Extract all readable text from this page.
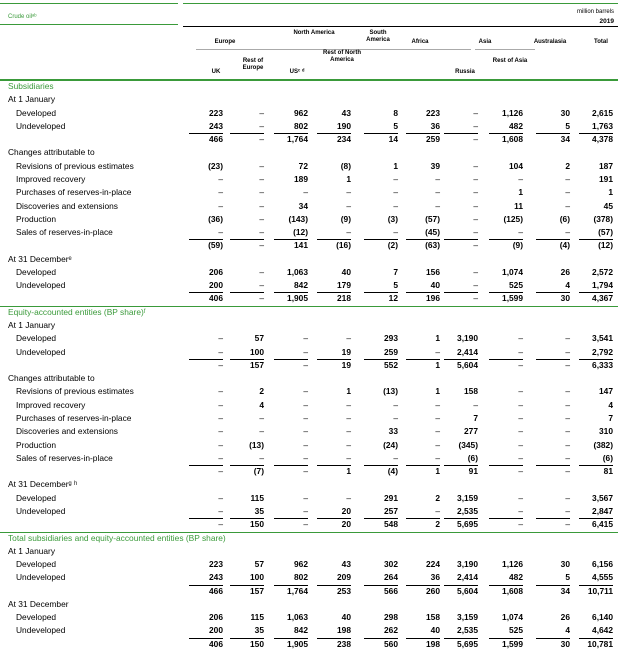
Crude oilᵃᵇ
million barrels
2019
Europe
North America	South America	Africa	Asia	Australasia	Total
Rest of Europe
Rest of North America	Rest of Asia
UK	USᶜ ᵈ	Russia
Subsidiaries
At 1 January
Developed	223	–	962	43	8	223	–	1,126	30	2,615
Undeveloped	243	–	802	190	5	36	–	482	5	1,763
466	–	1,764	234	14	259	–	1,608	34	4,378
Changes attributable to
Revisions of previous estimates	(23)	–	72	(8)	1	39	–	104	2	187
Improved recovery	–	–	189	1	–	–	–	–	–	191
Purchases of reserves-in-place	–	–	–	–	–	–	–	1	–	1
Discoveries and extensions	–	–	34	–	–	–	–	11	–	45
Production	(36)	–	(143)	(9)	(3)	(57)	–	(125)	(6)	(378)
Sales of reserves-in-place	–	–	(12)	–	–	(45)	–	–	–	(57)
(59)	–	141	(16)	(2)	(63)	–	(9)	(4)	(12)
At 31 Decemberᵉ
Developed	206	–	1,063	40	7	156	–	1,074	26	2,572
Undeveloped	200	–	842	179	5	40	–	525	4	1,794
406	–	1,905	218	12	196	–	1,599	30	4,367
Equity-accounted entities (BP share)ᶠ
At 1 January
Developed	–	57	–	–	293	1	3,190	–	–	3,541
Undeveloped	–	100	–	19	259	–	2,414	–	–	2,792
–	157	–	19	552	1	5,604	–	–	6,333
Changes attributable to
Revisions of previous estimates	–	2	–	1	(13)	1	158	–	–	147
Improved recovery	–	4	–	–	–	–	–	–	–	4
Purchases of reserves-in-place	–	–	–	–	–	–	7	–	–	7
Discoveries and extensions	–	–	–	–	33	–	277	–	–	310
Production	–	(13)	–	–	(24)	–	(345)	–	–	(382)
Sales of reserves-in-place	–	–	–	–	–	–	(6)	–	–	(6)
–	(7)	–	1	(4)	1	91	–	–	81
At 31 Decemberᵍ ʰ
Developed	–	115	–	–	291	2	3,159	–	–	3,567
Undeveloped	–	35	–	20	257	–	2,535	–	–	2,847
–	150	–	20	548	2	5,695	–	–	6,415
Total subsidiaries and equity-accounted entities (BP share)
At 1 January
Developed	223	57	962	43	302	224	3,190	1,126	30	6,156
Undeveloped	243	100	802	209	264	36	2,414	482	5	4,555
466	157	1,764	253	566	260	5,604	1,608	34	10,711
At 31 December
Developed	206	115	1,063	40	298	158	3,159	1,074	26	6,140
Undeveloped	200	35	842	198	262	40	2,535	525	4	4,642
406	150	1,905	238	560	198	5,695	1,599	30	10,781
